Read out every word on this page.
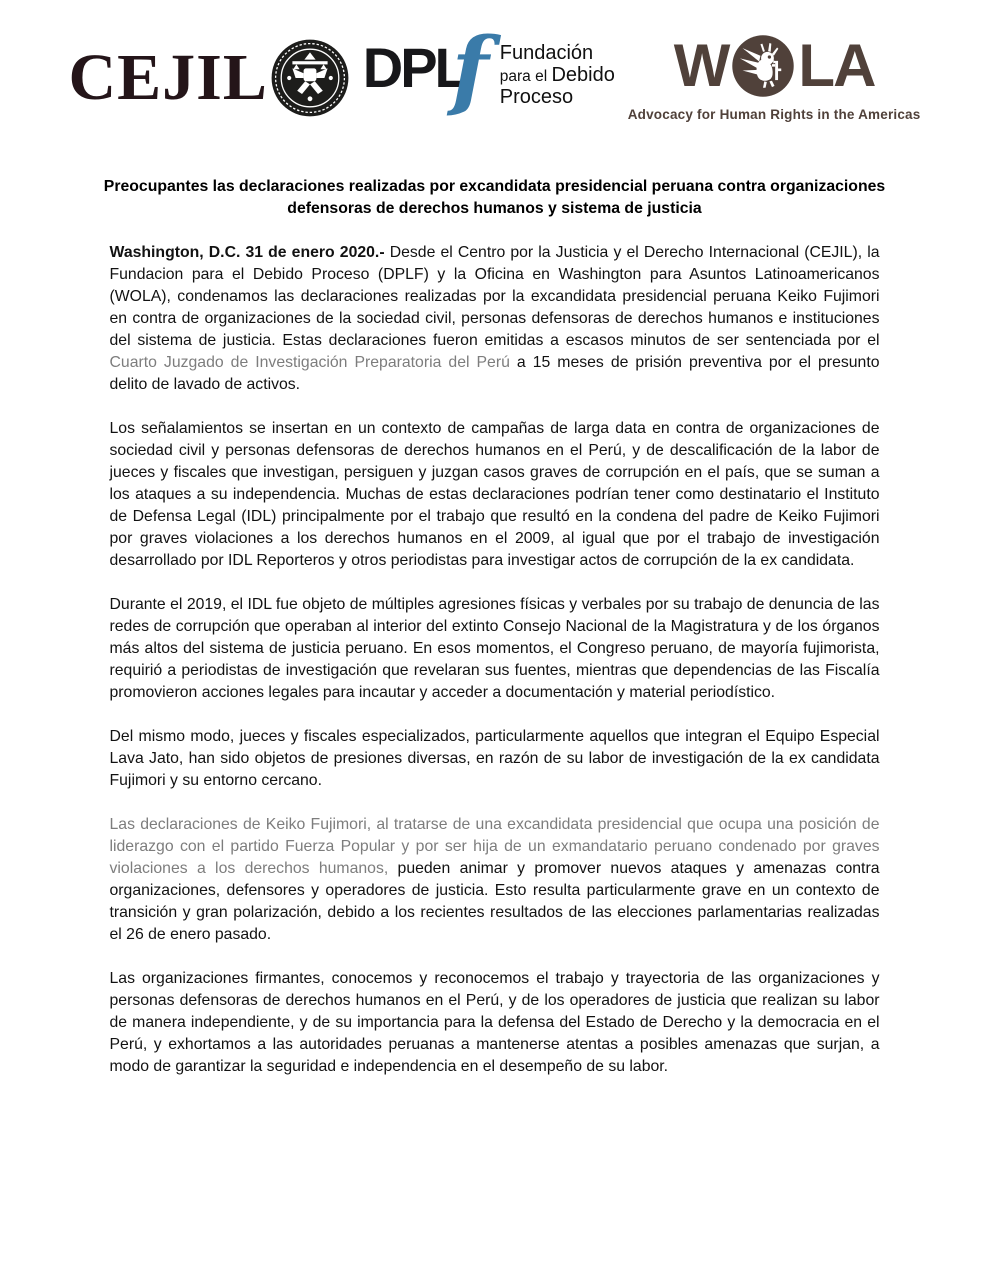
CEJIL DPL
f Fundación
para el Debido
Proceso	W LA
Advocacy for Human Rights in the Americas
Preocupantes las declaraciones realizadas por excandidata presidencial peruana contra organizaciones defensoras de derechos humanos y sistema de justicia

Washington, D.C. 31 de enero 2020.- Desde el Centro por la Justicia y el Derecho Internacional (CEJIL), la Fundacion para el Debido Proceso (DPLF) y la Oficina en Washington para Asuntos Latinoamericanos (WOLA), condenamos las declaraciones realizadas por la excandidata presidencial peruana Keiko Fujimori en contra de organizaciones de la sociedad civil, personas defensoras de derechos humanos e instituciones del sistema de justicia. Estas declaraciones fueron emitidas a escasos minutos de ser sentenciada por el Cuarto Juzgado de Investigación Preparatoria del Perú a 15 meses de prisión preventiva por el presunto delito de lavado de activos.

Los señalamientos se insertan en un contexto de campañas de larga data en contra de organizaciones de sociedad civil y personas defensoras de derechos humanos en el Perú, y de descalificación de la labor de jueces y fiscales que investigan, persiguen y juzgan casos graves de corrupción en el país, que se suman a los ataques a su independencia. Muchas de estas declaraciones podrían tener como destinatario el Instituto de Defensa Legal (IDL) principalmente por el trabajo que resultó en la condena del padre de Keiko Fujimori por graves violaciones a los derechos humanos en el 2009, al igual que por el trabajo de investigación desarrollado por IDL Reporteros y otros periodistas para investigar actos de corrupción de la ex candidata.

Durante el 2019, el IDL fue objeto de múltiples agresiones físicas y verbales por su trabajo de denuncia de las redes de corrupción que operaban al interior del extinto Consejo Nacional de la Magistratura y de los órganos más altos del sistema de justicia peruano. En esos momentos, el Congreso peruano, de mayoría fujimorista, requirió a periodistas de investigación que revelaran sus fuentes, mientras que dependencias de las Fiscalía promovieron acciones legales para incautar y acceder a documentación y material periodístico.

Del mismo modo, jueces y fiscales especializados, particularmente aquellos que integran el Equipo Especial Lava Jato, han sido objetos de presiones diversas, en razón de su labor de investigación de la ex candidata Fujimori y su entorno cercano.

Las declaraciones de Keiko Fujimori, al tratarse de una excandidata presidencial que ocupa una posición de liderazgo con el partido Fuerza Popular y por ser hija de un exmandatario peruano condenado por graves violaciones a los derechos humanos, pueden animar y promover nuevos ataques y amenazas contra organizaciones, defensores y operadores de justicia. Esto resulta particularmente grave en un contexto de transición y gran polarización, debido a los recientes resultados de las elecciones parlamentarias realizadas el 26 de enero pasado.

Las organizaciones firmantes, conocemos y reconocemos el trabajo y trayectoria de las organizaciones y personas defensoras de derechos humanos en el Perú, y de los operadores de justicia que realizan su labor de manera independiente, y de su importancia para la defensa del Estado de Derecho y la democracia en el Perú, y exhortamos a las autoridades peruanas a mantenerse atentas a posibles amenazas que surjan, a modo de garantizar la seguridad e independencia en el desempeño de su labor.
